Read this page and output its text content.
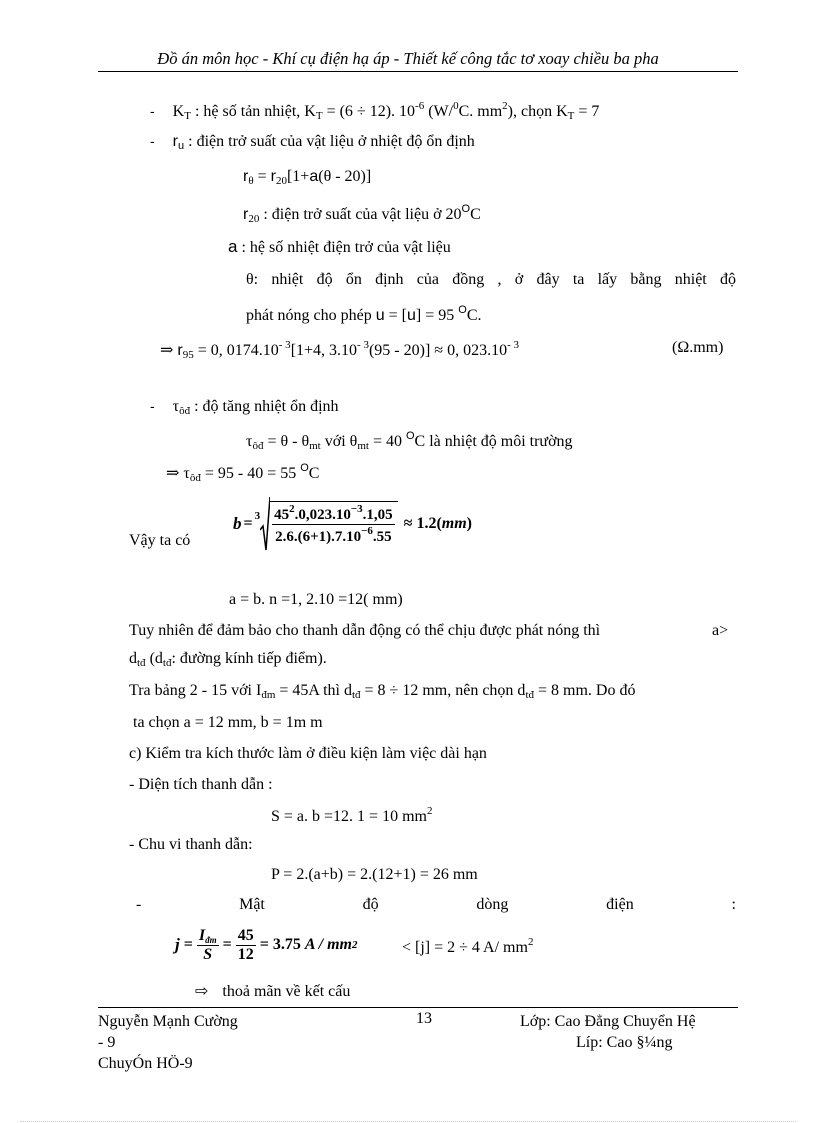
Đồ án môn học - Khí cụ điện hạ áp - Thiết kế công tắc tơ xoay chiều ba pha
- $K_T$ : hệ số tản nhiệt, $K_T = (6 \div 12)$. $10^{-6}$ (W/$^0$C. $mm^2$), chọn $K_T = 7$
- $r_u$ : điện trở suất của vật liệu ở nhiệt độ ổn định
$r_\theta = r_{20}[1+a(\theta - 20)]$
$r_{20}$ : điện trở suất của vật liệu ở $20^OC$
a : hệ số nhiệt điện trở của vật liệu
θ: nhiệt độ ổn định của đồng , ở đây ta lấy bằng nhiệt độ
phát nóng cho phép u = [u] = 95 $^O$C.
⇒ $r_{95} = 0$, $0174.10^{- 3}[1+4$, $3.10^{- 3}(95 - 20)] \approx 0$, $023.10^{- 3}$	(Ω.mm)
- $\tau_{ôđ}$ : độ tăng nhiệt ổn định
$\tau_{ôđ} = \theta - \theta_{mt}$ với $\theta_{mt} = 40$ $^O$C là nhiệt độ môi trường
⇒ $\tau_{ôđ} = 95 - 40 = 55$ $^O$C
Vậy ta có
$b = 3 \frac{45^2.0,023.10^{-3}.1,05}{2.6.(6+1).7.10^{-6}.55} \approx 1.2$( mm )
a = b. n =1, 2.10 =12( mm)
Tuy nhiên để đảm bảo cho thanh dẫn động có thể chịu được phát nóng thì	a>
$d_{tđ}$ ($d_{tđ}$: đường kính tiếp điểm).
Tra bảng 2 - 15 với $I_{đm} = 45A$ thì $d_{tđ} = 8 \div 12$ mm, nên chọn $d_{tđ} = 8$ mm. Do đó
ta chọn a = 12 mm, b = 1m m
c) Kiểm tra kích thước làm ở điều kiện làm việc dài hạn
- Diện tích thanh dẫn :
S = a. b =12. 1 = 10 $mm^2$
- Chu vi thanh dẫn:
P = 2.(a+b) = 2.(12+1) = 26 mm
-	Mật	độ	dòng	điện	:
$j = \frac{I_{đm}}{S} = \frac{45}{12} = 3.75$ A / mm 2	< [j] = 2 ÷ 4 A/ $mm^2$
⇨ thoả mãn về kết cấu
Nguyễn Mạnh Cường
- 9
ChuyÓn HÖ-9
13	Lớp: Cao Đẳng Chuyển Hệ
Líp: Cao §¼ng
